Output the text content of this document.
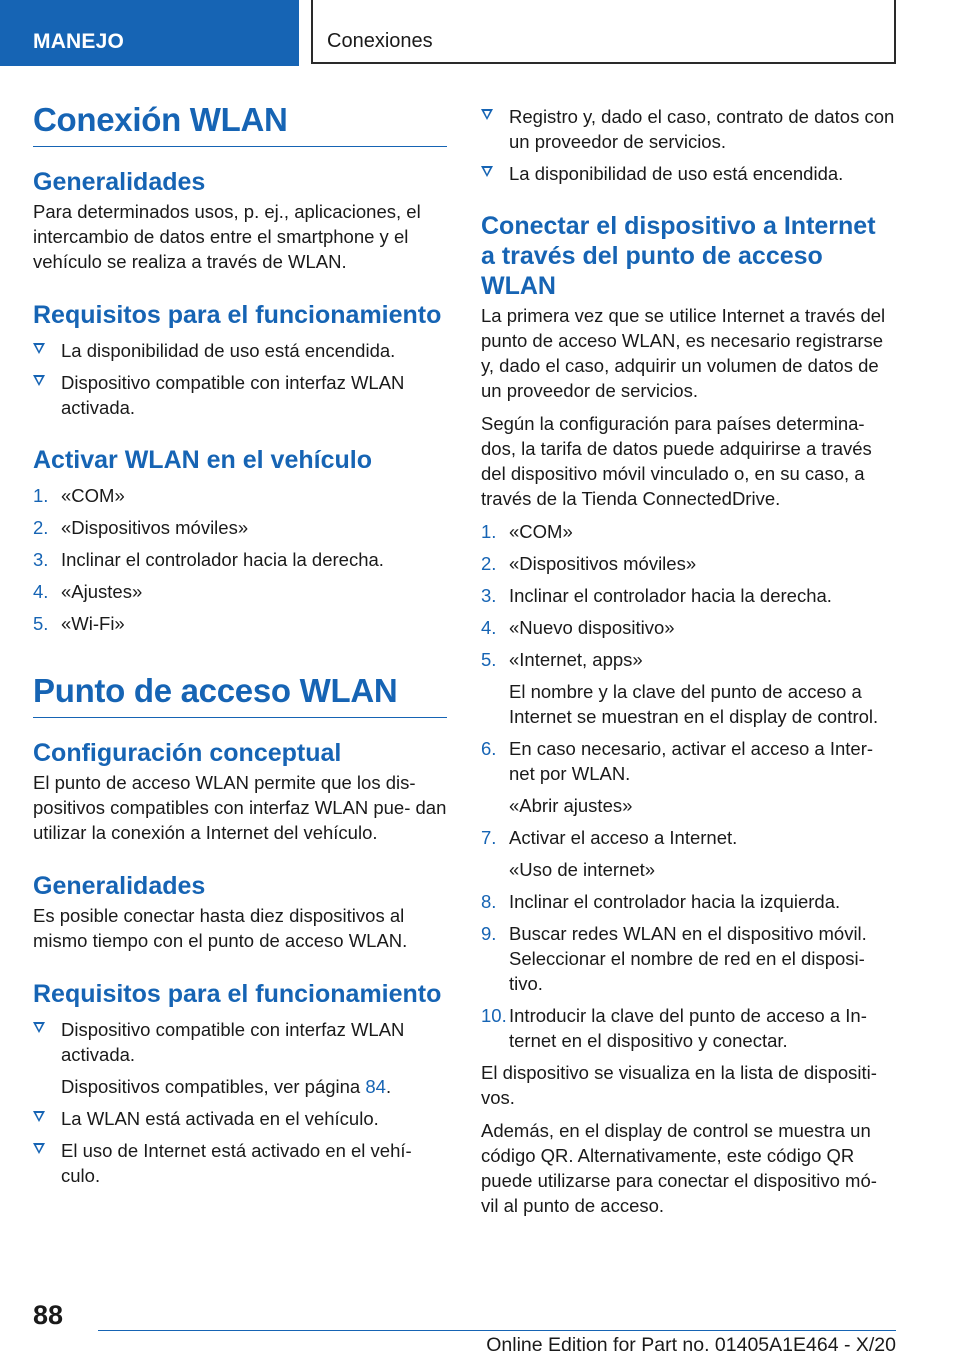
MANEJO	Conexiones
Conexión WLAN
Generalidades
Para determinados usos, p. ej., aplicaciones, el intercambio de datos entre el smartphone y el vehículo se realiza a través de WLAN.
Requisitos para el funcionamiento
La disponibilidad de uso está encendida.
Dispositivo compatible con interfaz WLAN activada.
Activar WLAN en el vehículo
1. «COM»
2. «Dispositivos móviles»
3. Inclinar el controlador hacia la derecha.
4. «Ajustes»
5. «Wi-Fi»
Punto de acceso WLAN
Configuración conceptual
El punto de acceso WLAN permite que los dis‐ positivos compatibles con interfaz WLAN pue‐ dan utilizar la conexión a Internet del vehículo.
Generalidades
Es posible conectar hasta diez dispositivos al mismo tiempo con el punto de acceso WLAN.
Requisitos para el funcionamiento
Dispositivo compatible con interfaz WLAN activada.
Dispositivos compatibles, ver página 84.
La WLAN está activada en el vehículo.
El uso de Internet está activado en el vehí‐ culo.
Registro y, dado el caso, contrato de datos con un proveedor de servicios.
La disponibilidad de uso está encendida.
Conectar el dispositivo a Internet a través del punto de acceso WLAN
La primera vez que se utilice Internet a través del punto de acceso WLAN, es necesario registrarse y, dado el caso, adquirir un volumen de datos de un proveedor de servicios.
Según la configuración para países determina‐ dos, la tarifa de datos puede adquirirse a través del dispositivo móvil vinculado o, en su caso, a través de la Tienda ConnectedDrive.
1. «COM»
2. «Dispositivos móviles»
3. Inclinar el controlador hacia la derecha.
4. «Nuevo dispositivo»
5. «Internet, apps»
El nombre y la clave del punto de acceso a Internet se muestran en el display de control.
6. En caso necesario, activar el acceso a Inter‐ net por WLAN.
«Abrir ajustes»
7. Activar el acceso a Internet.
«Uso de internet»
8. Inclinar el controlador hacia la izquierda.
9. Buscar redes WLAN en el dispositivo móvil. Seleccionar el nombre de red en el disposi‐ tivo.
10. Introducir la clave del punto de acceso a In‐ ternet en el dispositivo y conectar.
El dispositivo se visualiza en la lista de dispositi‐ vos.
Además, en el display de control se muestra un código QR. Alternativamente, este código QR puede utilizarse para conectar el dispositivo mó‐ vil al punto de acceso.
88
Online Edition for Part no. 01405A1E464 - X/20
